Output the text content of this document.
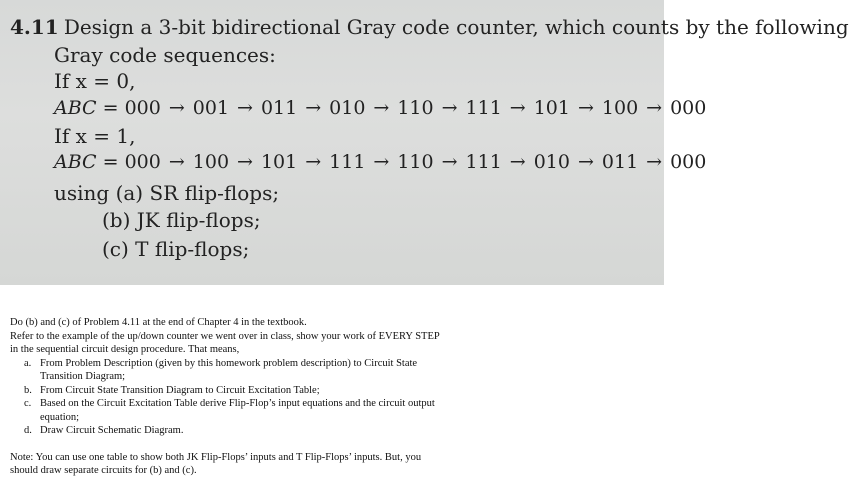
4.11 Design a 3-bit bidirectional Gray code counter, which counts by the following
Gray code sequences:
If x = 0,
ABC = 000 → 001 → 011 → 010 → 110 → 111 → 101 → 100 → 000
If x = 1,
ABC = 000 → 100 → 101 → 111 → 110 → 111 → 010 → 011 → 000
using (a) SR flip-flops;
(b) JK flip-flops;
(c) T flip-flops;
Do (b) and (c) of Problem 4.11 at the end of Chapter 4 in the textbook.
Refer to the example of the up/down counter we went over in class, show your work of EVERY STEP
in the sequential circuit design procedure. That means,
a. From Problem Description (given by this homework problem description) to Circuit State
Transition Diagram;
b. From Circuit State Transition Diagram to Circuit Excitation Table;
c. Based on the Circuit Excitation Table derive Flip-Flop’s input equations and the circuit output
equation;
d. Draw Circuit Schematic Diagram.
Note: You can use one table to show both JK Flip-Flops’ inputs and T Flip-Flops’ inputs. But, you
should draw separate circuits for (b) and (c).
